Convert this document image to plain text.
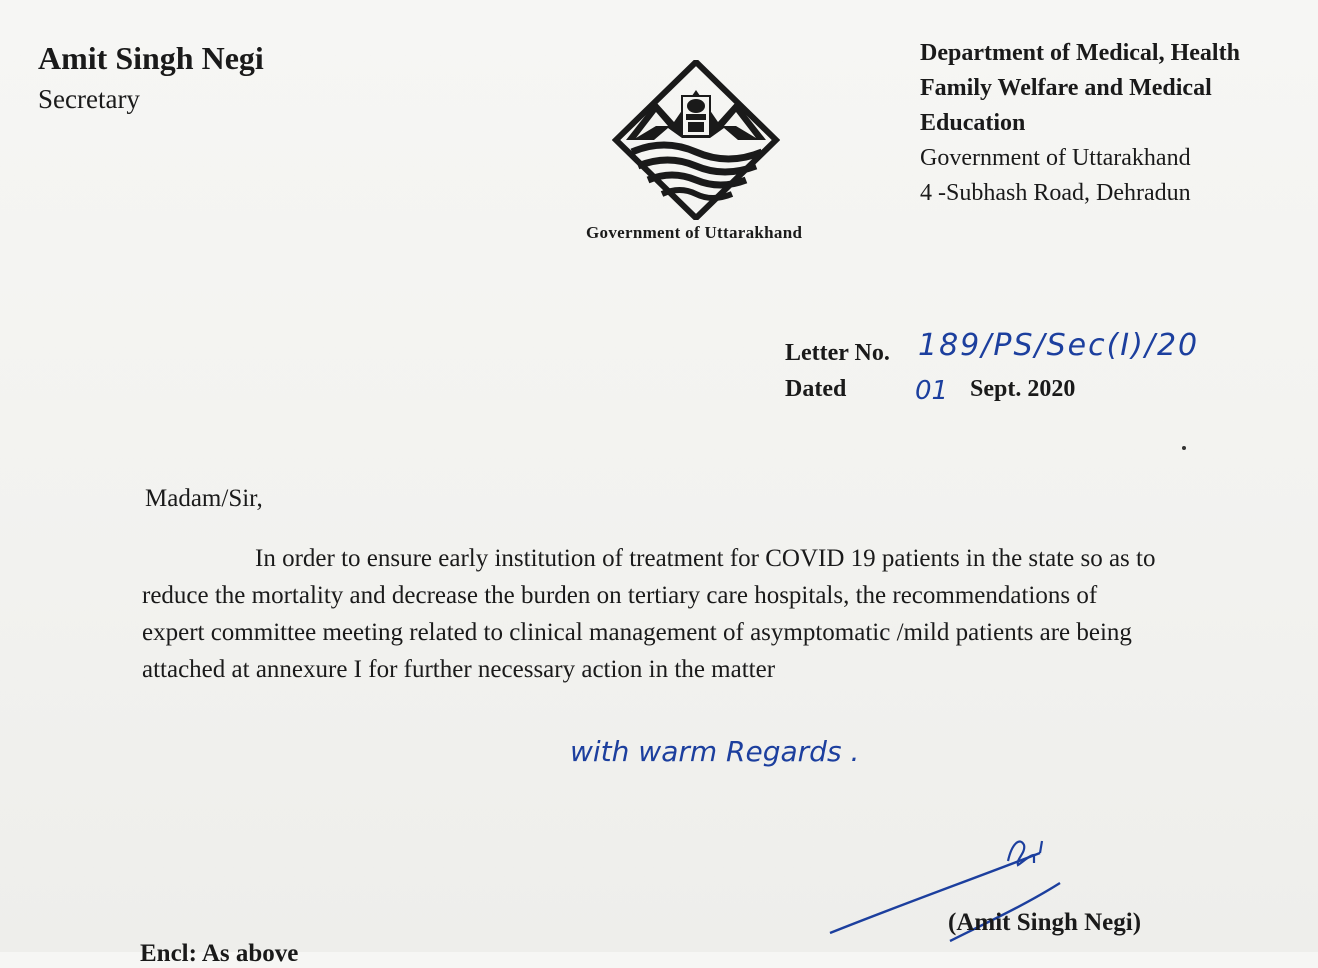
Amit Singh Negi
Secretary
Department of Medical, Health
Family Welfare and Medical
Education
Government of Uttarakhand
4 -Subhash Road, Dehradun
Government of Uttarakhand
Letter No. 189/PS/Sec(I)/20
Dated	01 Sept. 2020
Madam/Sir,
In order to ensure early institution of treatment for COVID 19 patients in the state so as to reduce the mortality and decrease the burden on tertiary care hospitals, the recommendations of expert committee meeting related to clinical management of asymptomatic /mild patients are being attached at annexure I for further necessary action in the matter
with warm Regards .
(Amit Singh Negi)
Encl: As above
